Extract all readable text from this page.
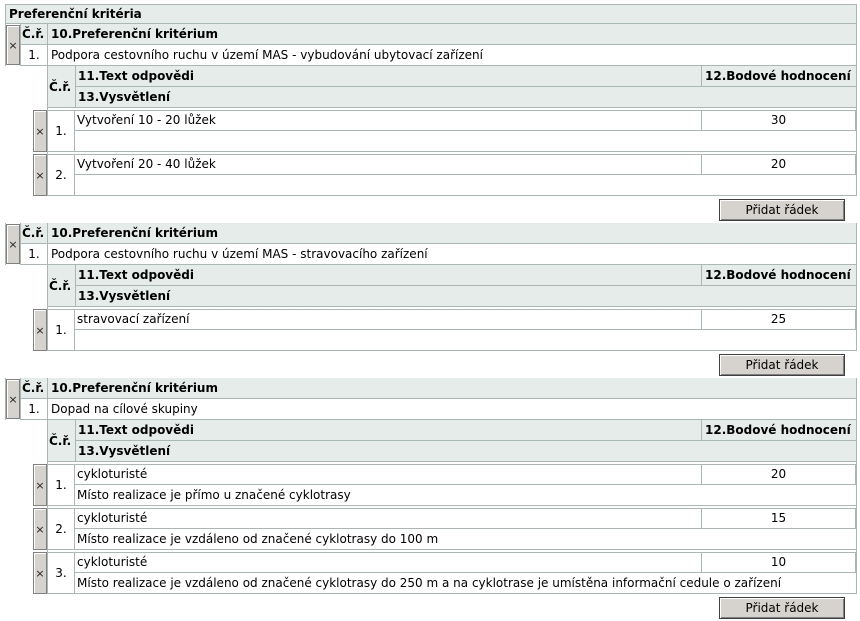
Preferenční kritéria
×
Č.ř. 10.Preferenční kritérium
1. Podpora cestovního ruchu v území MAS - vybudování ubytovací zařízení
Č.ř.
11.Text odpovědi	12.Bodové hodnocení
13.Vysvětlení
× 1.
Vytvoření 10 - 20 lůžek	30
× 2.
Vytvoření 20 - 40 lůžek	20
Přidat řádek
×
Č.ř. 10.Preferenční kritérium
1. Podpora cestovního ruchu v území MAS - stravovacího zařízení
Č.ř.
11.Text odpovědi	12.Bodové hodnocení
13.Vysvětlení
× 1.
stravovací zařízení	25
Přidat řádek
×
Č.ř. 10.Preferenční kritérium
1. Dopad na cílové skupiny
Č.ř.
11.Text odpovědi	12.Bodové hodnocení
13.Vysvětlení
× 1.
cykloturisté	20
Místo realizace je přímo u značené cyklotrasy
× 2.
cykloturisté	15
Místo realizace je vzdáleno od značené cyklotrasy do 100 m
× 3.
cykloturisté	10
Místo realizace je vzdáleno od značené cyklotrasy do 250 m a na cyklotrase je umístěna informační cedule o zařízení
Přidat řádek
